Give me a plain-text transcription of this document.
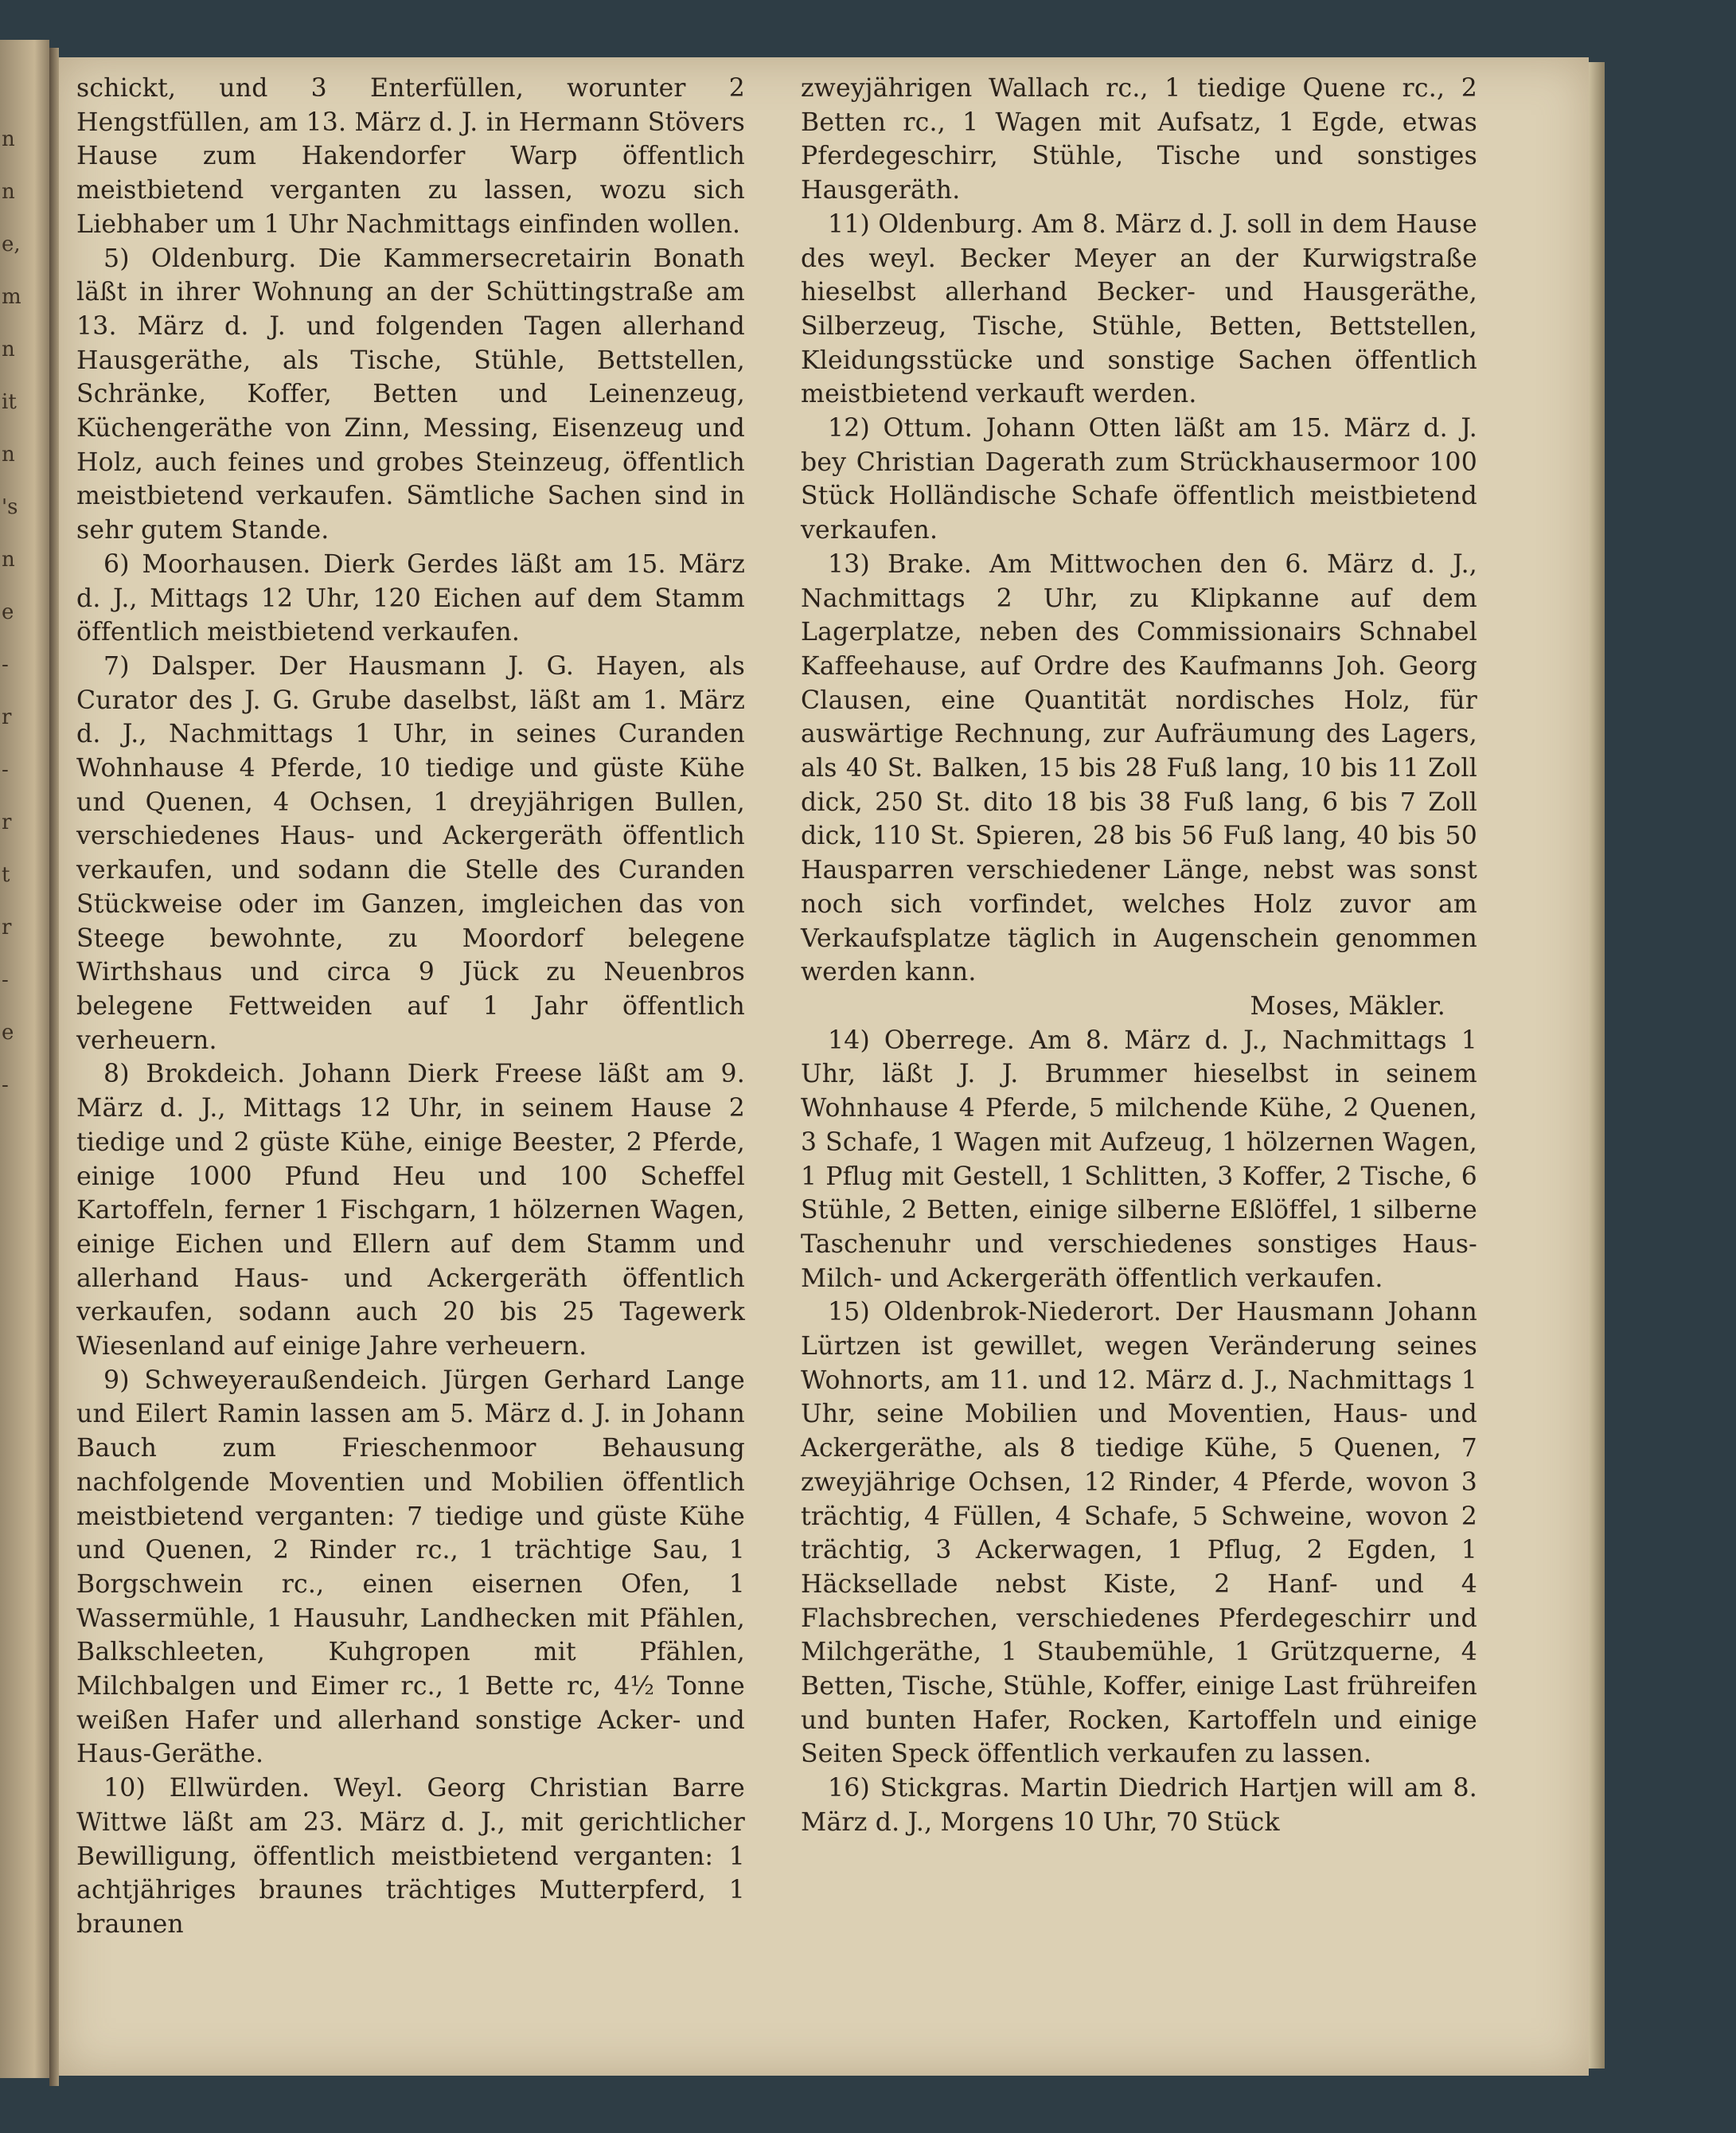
n
n
e,
m
n
it
n
's
n
e
-
r
-
r
t
r
-
e
-

schickt, und 3 Enterfüllen, worunter 2 Hengstfüllen, am 13. März d. J. in Hermann Stövers Hause zum Hakendorfer Warp öffentlich meistbietend verganten zu lassen, wozu sich Liebhaber um 1 Uhr Nachmittags einfinden wollen.

5) Oldenburg. Die Kammersecretairin Bonath läßt in ihrer Wohnung an der Schüttingstraße am 13. März d. J. und folgenden Tagen allerhand Hausgeräthe, als Tische, Stühle, Bettstellen, Schränke, Koffer, Betten und Leinenzeug, Küchengeräthe von Zinn, Messing, Eisenzeug und Holz, auch feines und grobes Steinzeug, öffentlich meistbietend verkaufen. Sämtliche Sachen sind in sehr gutem Stande.

6) Moorhausen. Dierk Gerdes läßt am 15. März d. J., Mittags 12 Uhr, 120 Eichen auf dem Stamm öffentlich meistbietend verkaufen.

7) Dalsper. Der Hausmann J. G. Hayen, als Curator des J. G. Grube daselbst, läßt am 1. März d. J., Nachmittags 1 Uhr, in seines Curanden Wohnhause 4 Pferde, 10 tiedige und güste Kühe und Quenen, 4 Ochsen, 1 dreyjährigen Bullen, verschiedenes Haus- und Ackergeräth öffentlich verkaufen, und sodann die Stelle des Curanden Stückweise oder im Ganzen, imgleichen das von Steege bewohnte, zu Moordorf belegene Wirthshaus und circa 9 Jück zu Neuenbros belegene Fettweiden auf 1 Jahr öffentlich verheuern.

8) Brokdeich. Johann Dierk Freese läßt am 9. März d. J., Mittags 12 Uhr, in seinem Hause 2 tiedige und 2 güste Kühe, einige Beester, 2 Pferde, einige 1000 Pfund Heu und 100 Scheffel Kartoffeln, ferner 1 Fischgarn, 1 hölzernen Wagen, einige Eichen und Ellern auf dem Stamm und allerhand Haus- und Ackergeräth öffentlich verkaufen, sodann auch 20 bis 25 Tagewerk Wiesenland auf einige Jahre verheuern.

9) Schweyeraußendeich. Jürgen Gerhard Lange und Eilert Ramin lassen am 5. März d. J. in Johann Bauch zum Frieschenmoor Behausung nachfolgende Moventien und Mobilien öffentlich meistbietend verganten: 7 tiedige und güste Kühe und Quenen, 2 Rinder rc., 1 trächtige Sau, 1 Borgschwein rc., einen eisernen Ofen, 1 Wassermühle, 1 Hausuhr, Landhecken mit Pfählen, Balkschleeten, Kuhgropen mit Pfählen, Milchbalgen und Eimer rc., 1 Bette rc, 4½ Tonne weißen Hafer und allerhand sonstige Acker- und Haus-Geräthe.

10) Ellwürden. Weyl. Georg Christian Barre Wittwe läßt am 23. März d. J., mit gerichtlicher Bewilligung, öffentlich meistbietend verganten: 1 achtjähriges braunes trächtiges Mutterpferd, 1 braunen

zweyjährigen Wallach rc., 1 tiedige Quene rc., 2 Betten rc., 1 Wagen mit Aufsatz, 1 Egde, etwas Pferdegeschirr, Stühle, Tische und sonstiges Hausgeräth.

11) Oldenburg. Am 8. März d. J. soll in dem Hause des weyl. Becker Meyer an der Kurwigstraße hieselbst allerhand Becker- und Hausgeräthe, Silberzeug, Tische, Stühle, Betten, Bettstellen, Kleidungsstücke und sonstige Sachen öffentlich meistbietend verkauft werden.

12) Ottum. Johann Otten läßt am 15. März d. J. bey Christian Dagerath zum Strückhausermoor 100 Stück Holländische Schafe öffentlich meistbietend verkaufen.

13) Brake. Am Mittwochen den 6. März d. J., Nachmittags 2 Uhr, zu Klipkanne auf dem Lagerplatze, neben des Commissionairs Schnabel Kaffeehause, auf Ordre des Kaufmanns Joh. Georg Clausen, eine Quantität nordisches Holz, für auswärtige Rechnung, zur Aufräumung des Lagers, als 40 St. Balken, 15 bis 28 Fuß lang, 10 bis 11 Zoll dick, 250 St. dito 18 bis 38 Fuß lang, 6 bis 7 Zoll dick, 110 St. Spieren, 28 bis 56 Fuß lang, 40 bis 50 Hausparren verschiedener Länge, nebst was sonst noch sich vorfindet, welches Holz zuvor am Verkaufsplatze täglich in Augenschein genommen werden kann.

Moses, Mäkler.

14) Oberrege. Am 8. März d. J., Nachmittags 1 Uhr, läßt J. J. Brummer hieselbst in seinem Wohnhause 4 Pferde, 5 milchende Kühe, 2 Quenen, 3 Schafe, 1 Wagen mit Aufzeug, 1 hölzernen Wagen, 1 Pflug mit Gestell, 1 Schlitten, 3 Koffer, 2 Tische, 6 Stühle, 2 Betten, einige silberne Eßlöffel, 1 silberne Taschenuhr und verschiedenes sonstiges Haus- Milch- und Ackergeräth öffentlich verkaufen.

15) Oldenbrok-Niederort. Der Hausmann Johann Lürtzen ist gewillet, wegen Veränderung seines Wohnorts, am 11. und 12. März d. J., Nachmittags 1 Uhr, seine Mobilien und Moventien, Haus- und Ackergeräthe, als 8 tiedige Kühe, 5 Quenen, 7 zweyjährige Ochsen, 12 Rinder, 4 Pferde, wovon 3 trächtig, 4 Füllen, 4 Schafe, 5 Schweine, wovon 2 trächtig, 3 Ackerwagen, 1 Pflug, 2 Egden, 1 Häcksellade nebst Kiste, 2 Hanf- und 4 Flachsbrechen, verschiedenes Pferdegeschirr und Milchgeräthe, 1 Staubemühle, 1 Grützquerne, 4 Betten, Tische, Stühle, Koffer, einige Last frühreifen und bunten Hafer, Rocken, Kartoffeln und einige Seiten Speck öffentlich verkaufen zu lassen.

16) Stickgras. Martin Diedrich Hartjen will am 8. März d. J., Morgens 10 Uhr, 70 Stück
